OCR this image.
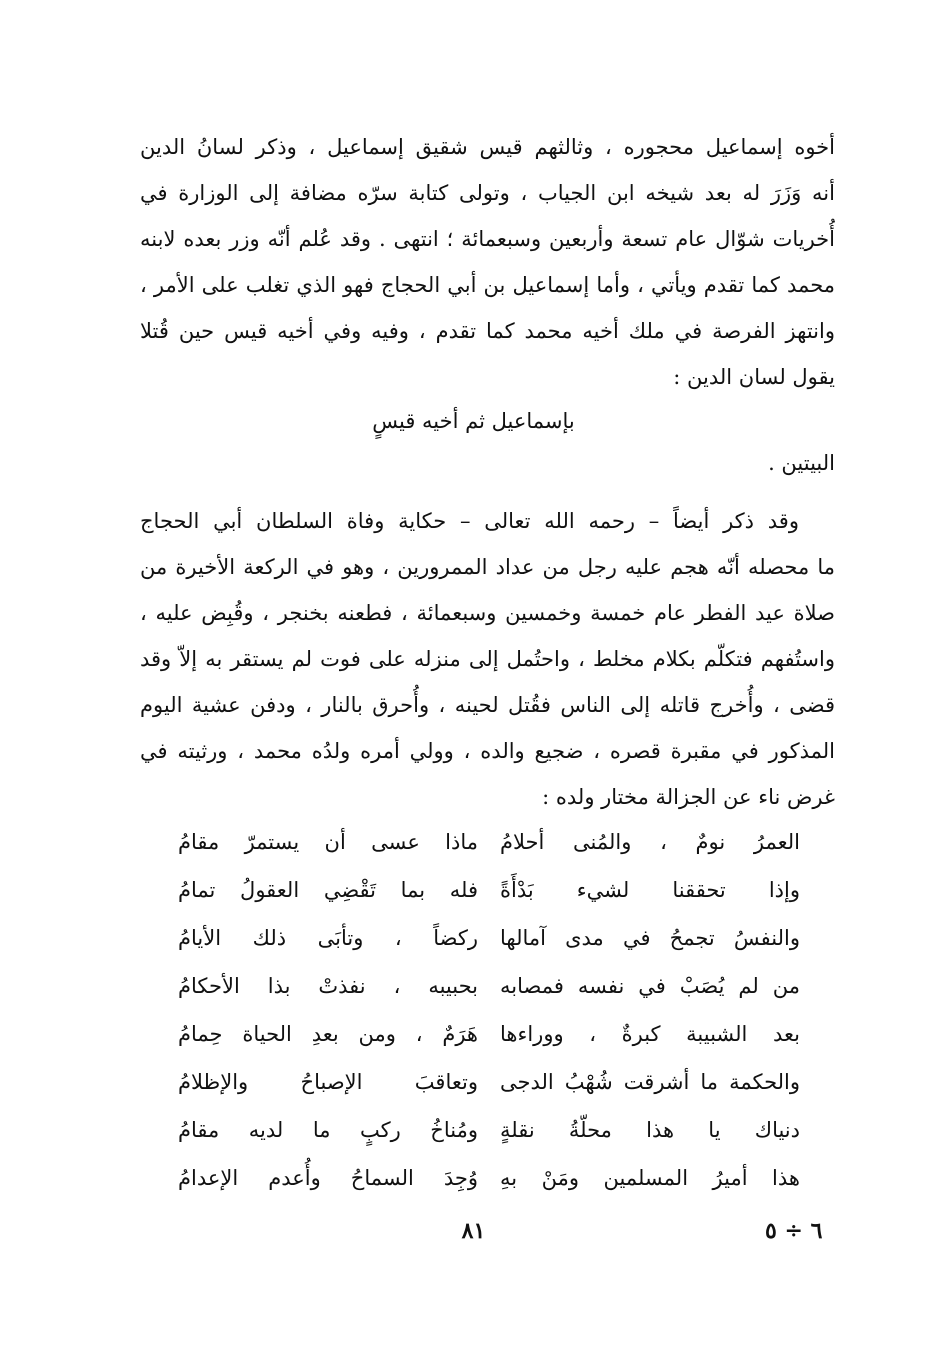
أخوه إسماعيل محجوره ، وثالثهم قيس شقيق إسماعيل ، وذكر لسانُ الدين
أنه وَزَرَ له بعد شيخه ابن الجياب ، وتولى كتابة سرّه مضافة إلى الوزارة في
أُخريات شوّال عام تسعة وأربعين وسبعمائة ؛ انتهى . وقد عُلم أنّه وزر بعده لابنه
محمد كما تقدم ويأتي ، وأما إسماعيل بن أبي الحجاج فهو الذي تغلب على الأمر ،
وانتهز الفرصة في ملك أخيه محمد كما تقدم ، وفيه وفي أخيه قيس حين قُتلا
يقول لسان الدين :
بإسماعيل ثم أخيه قيسٍ
البيتين .
وقد ذكر أيضاً – رحمه الله تعالى – حكاية وفاة السلطان أبي الحجاج
ما محصله أنّه هجم عليه رجل من عداد الممرورين ، وهو في الركعة الأخيرة من
صلاة عيد الفطر عام خمسة وخمسين وسبعمائة ، فطعنه بخنجر ، وقُبِض عليه ،
واستُفهم فتكلّم بكلام مخلط ، واحتُمل إلى منزله على فوت لم يستقر به إلاّ وقد
قضى ، وأُخرج قاتله إلى الناس فقُتل لحينه ، وأُحرق بالنار ، ودفن عشية اليوم
المذكور في مقبرة قصره ، ضجيع والده ، وولي أمره ولدُه محمد ، ورثيته في
غرض ناء عن الجزالة مختار ولده :
العمرُ نومٌ ، والمُنى أحلامُ
ماذا عسى أن يستمرّ مقامُ
وإذا تحققنا لشيء بَدْأَةً
فله بما تَقْضِي العقولُ تمامُ
والنفسُ تجمحُ في مدى آمالها
ركضاً ، وتأبَى ذلك الأيامُ
من لم يُصَبْ في نفسه فمصابه
بحبيبه ، نفذتْ بذا الأحكامُ
بعد الشبيبة كبرةٌ ، ووراءها
هَرَمٌ ، ومن بعدِ الحياة حِمامُ
والحكمة ما أشرقت شُهْبُ الدجى
وتعاقبَ الإصباحُ والإظلامُ
دنياك يا هذا محلّةُ نقلةٍ
ومُناخُ ركبٍ ما لديه مقامُ
هذا أميرُ المسلمين ومَنْ بهِ
وُجِدَ السماحُ وأُعدم الإعدامُ
٨١	٦ ÷ ٥
